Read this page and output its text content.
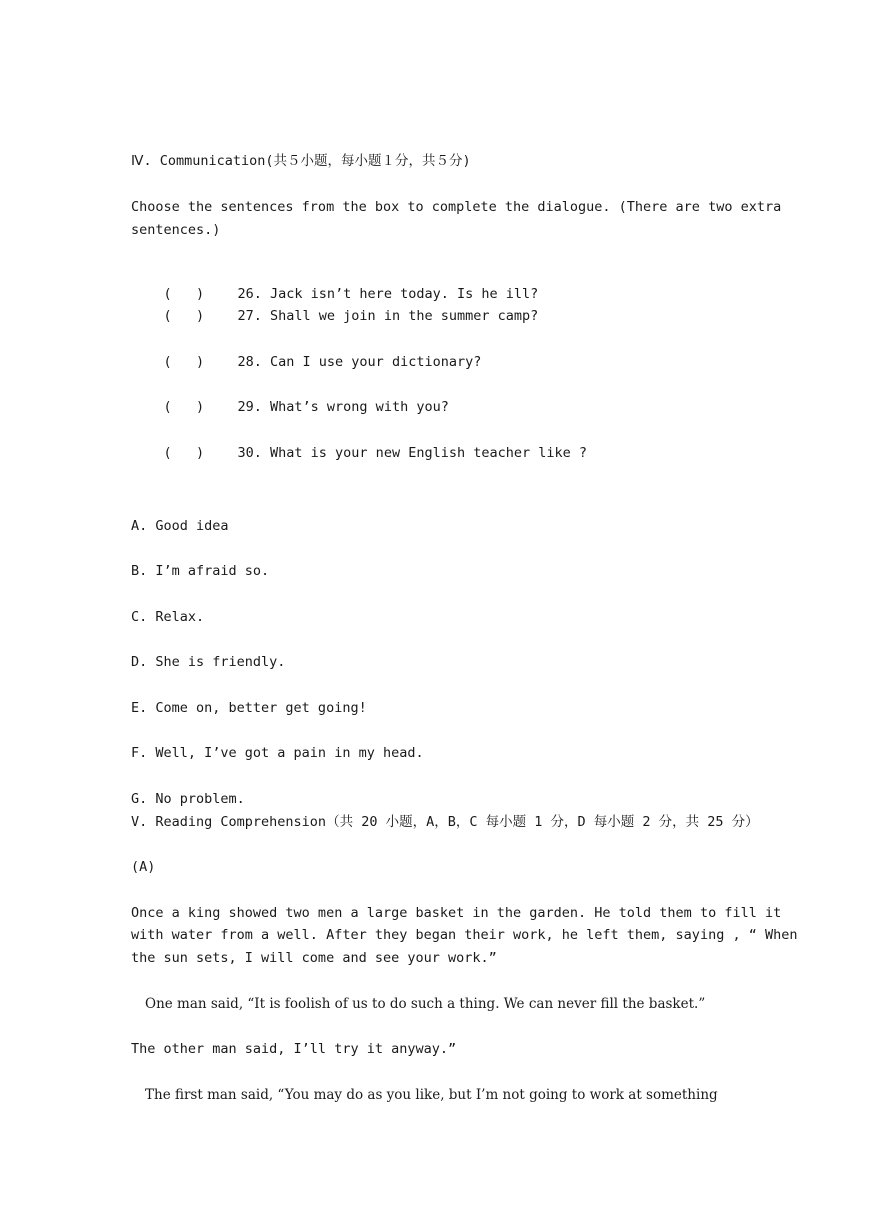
Ⅳ. Communication(共５小题，每小题１分，共５分)
Choose the sentences from the box to complete the dialogue. (There are two extra
sentences.)

(   ) 26. Jack isn’t here today. Is he ill?

(   ) 27. Shall we join in the summer camp?

(   ) 28. Can I use your dictionary?

(   ) 29. What’s wrong with you?

(   ) 30. What is your new English teacher like ?

A. Good idea
B. I’m afraid so.
C. Relax.
D. She is friendly.
E. Come on, better get going!
F. Well, I’ve got a pain in my head.
G. No problem.
V. Reading Comprehension（共 20 小题，A，B，C 每小题 1 分，D 每小题 2 分，共 25 分）
(A)
Once a king showed two men a large basket in the garden. He told them to fill it
with water from a well. After they began their work, he left them, saying , “ When
the sun sets, I will come and see your work.”
One man said, “It is foolish of us to do such a thing. We can never fill the basket.”
The other man said, I’ll try it anyway.”
The first man said, “You may do as you like, but I’m not going to work at something
